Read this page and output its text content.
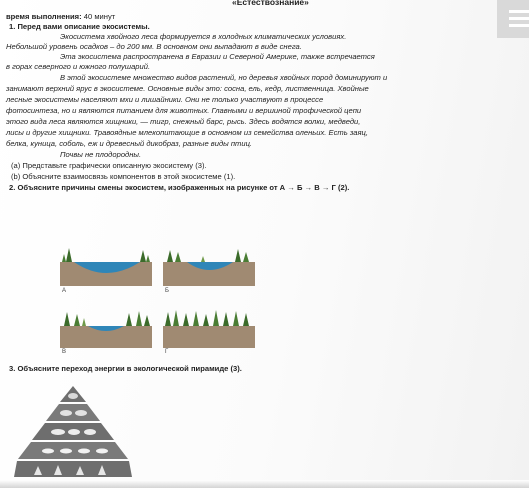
«Естествознание»
время выполнения: 40 минут
1. Перед вами описание экосистемы.
Экосистема хвойного леса формируется в холодных климатических условиях.
Небольшой уровень осадков – до 200 мм. В основном они выпадают в виде снега.
Эта экосистема распространена в Евразии и Северной Америке, также встречается
в горах северного и южного полушарий.
В этой экосистеме множество видов растений, но деревья хвойных пород доминируют и
занимают верхний ярус в экосистеме. Основные виды это: сосна, ель, кедр, лиственница. Хвойные
лесные экосистемы населяют мхи и лишайники. Они не только участвуют в процессе
фотосинтеза, но и являются питанием для животных. Главными и вершиной трофической цепи
этого вида леса являются хищники, — тигр, снежный барс, рысь. Здесь водятся волки, медведи,
лисы и другие хищники. Травоядные млекопитающие в основном из семейства оленьих. Есть заяц,
белка, куница, соболь, еж и древесный дикобраз, разные виды птиц.
Почвы не плодородны.
(а) Представьте графически описанную экосистему (3).
(b) Объясните взаимосвязь компонентов в этой экосистеме (1).
2. Объясните причины смены экосистем, изображенных на рисунке от А → Б → В → Г (2).
A	Б
В	Г
3. Объясните переход энергии в экологической пирамиде (3).
